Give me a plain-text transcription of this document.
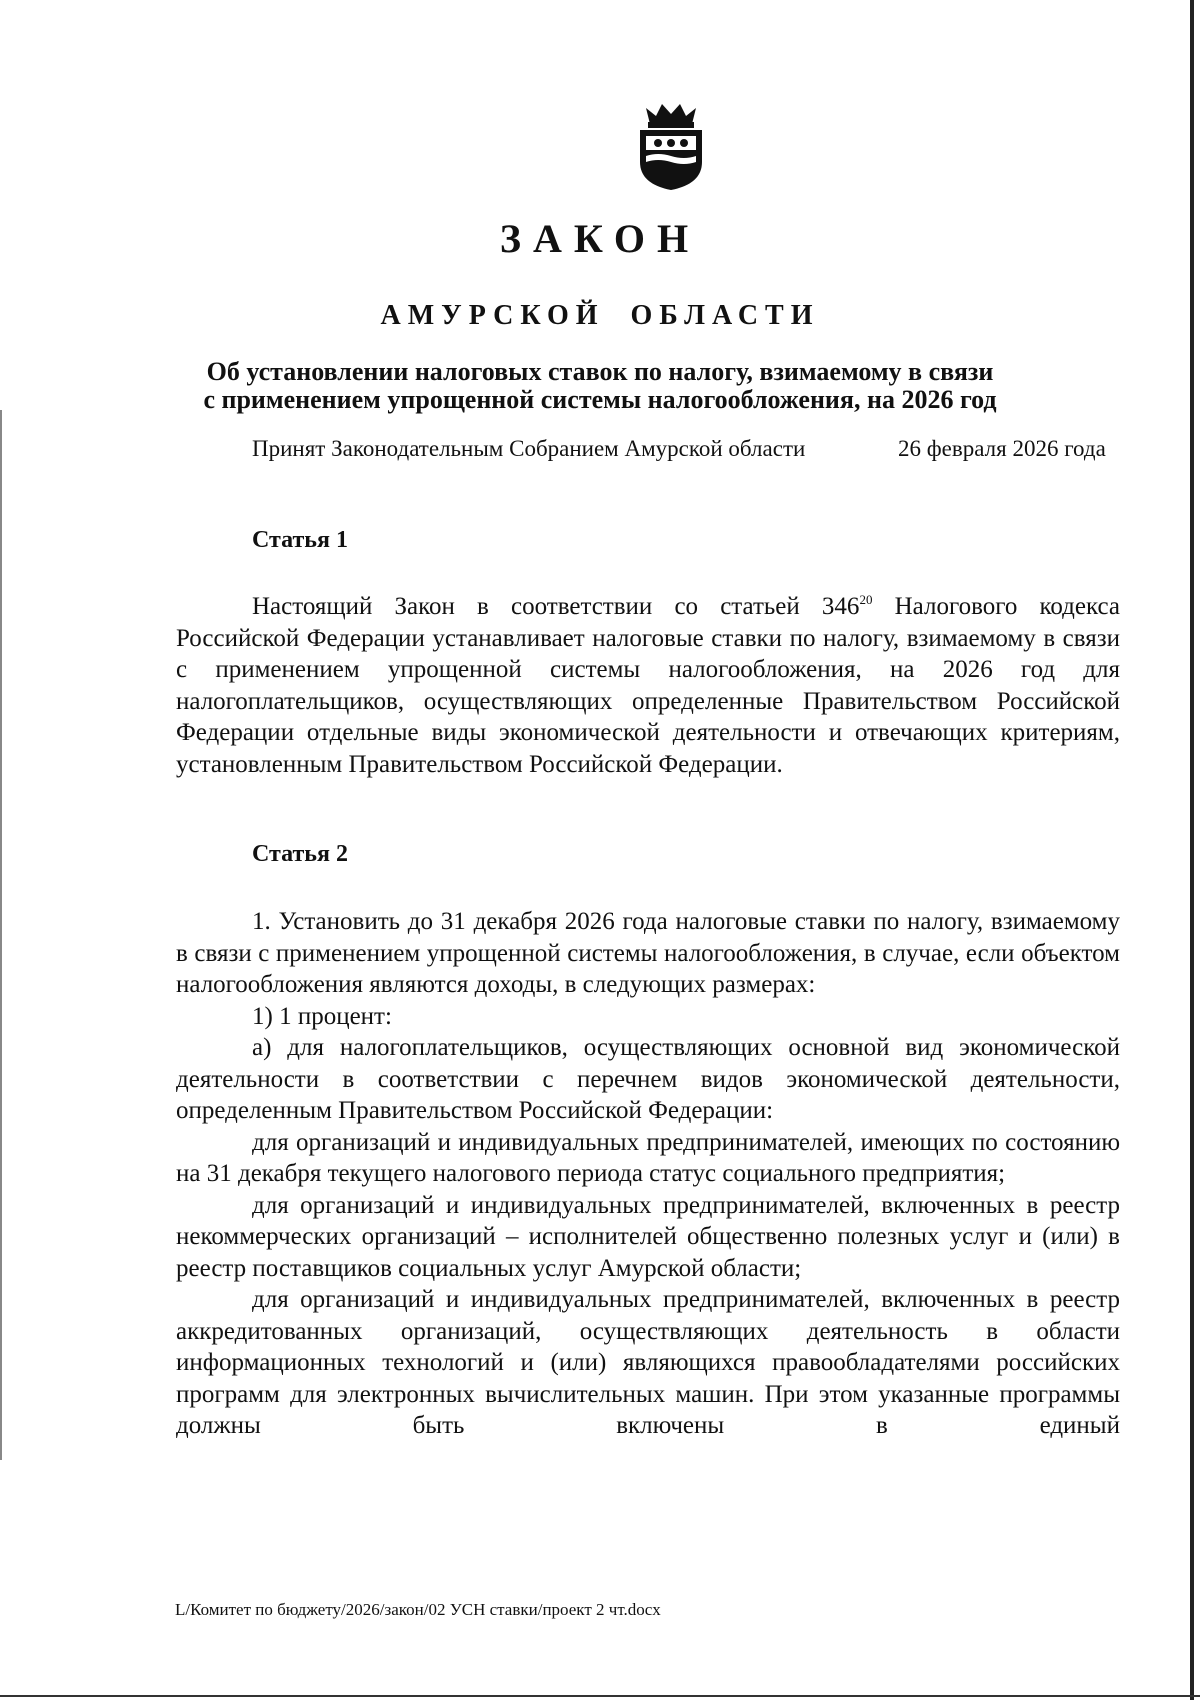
ЗАКОН
АМУРСКОЙ ОБЛАСТИ
Об установлении налоговых ставок по налогу, взимаемому в связи
с применением упрощенной системы налогообложения, на 2026 год
Принят Законодательным Собранием Амурской области	26 февраля 2026 года
Статья 1

Настоящий Закон в соответствии со статьей $346^{20}$ Налогового кодекса Российской Федерации устанавливает налоговые ставки по налогу, взимаемому в связи с применением упрощенной системы налогообложения, на 2026 год для налогоплательщиков, осуществляющих определенные Правительством Российской Федерации отдельные виды экономической деятельности и отвечающих критериям, установленным Правительством Российской Федерации.

Статья 2

1. Установить до 31 декабря 2026 года налоговые ставки по налогу, взимаемому в связи с применением упрощенной системы налогообложения, в случае, если объектом налогообложения являются доходы, в следующих размерах:

1) 1 процент:

а) для налогоплательщиков, осуществляющих основной вид экономической деятельности в соответствии с перечнем видов экономической деятельности, определенным Правительством Российской Федерации:

для организаций и индивидуальных предпринимателей, имеющих по состоянию на 31 декабря текущего налогового периода статус социального предприятия;

для организаций и индивидуальных предпринимателей, включенных в реестр некоммерческих организаций – исполнителей общественно полезных услуг и (или) в реестр поставщиков социальных услуг Амурской области;

для организаций и индивидуальных предпринимателей, включенных в реестр аккредитованных организаций, осуществляющих деятельность в области информационных технологий и (или) являющихся правообладателями российских программ для электронных вычислительных машин. При этом указанные программы должны быть включены в единый

L/Комитет по бюджету/2026/закон/02 УСН ставки/проект 2 чт.docx
